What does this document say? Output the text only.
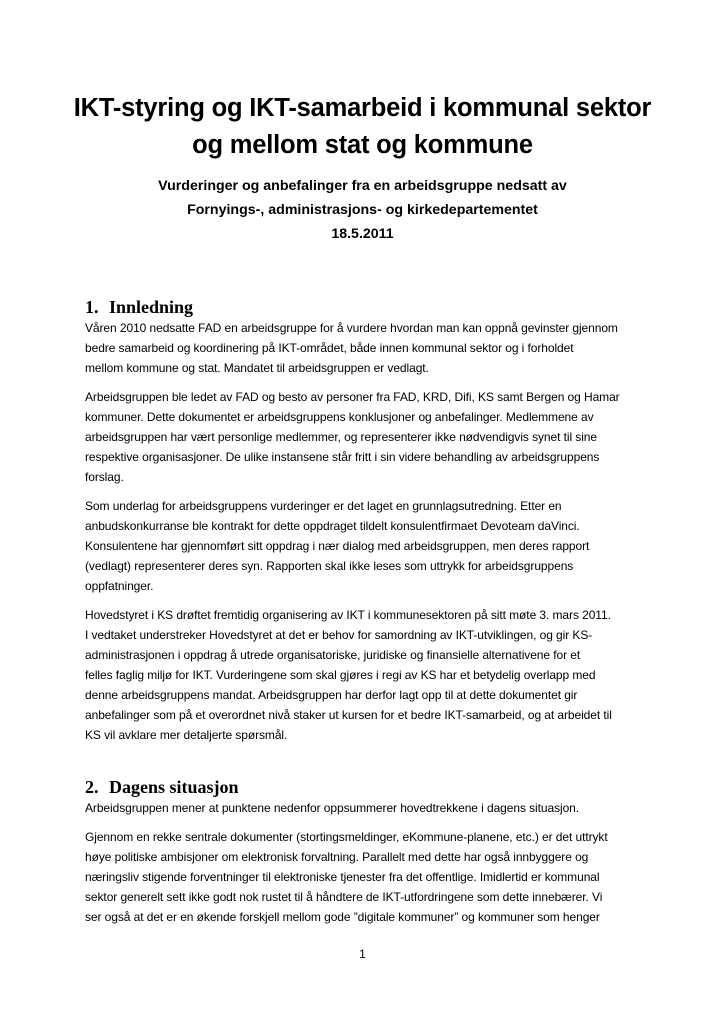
IKT-styring og IKT-samarbeid i kommunal sektor
og mellom stat og kommune
Vurderinger og anbefalinger fra en arbeidsgruppe nedsatt av
Fornyings-, administrasjons- og kirkedepartementet
18.5.2011
1. Innledning

Våren 2010 nedsatte FAD en arbeidsgruppe for å vurdere hvordan man kan oppnå gevinster gjennom
bedre samarbeid og koordinering på IKT-området, både innen kommunal sektor og i forholdet
mellom kommune og stat. Mandatet til arbeidsgruppen er vedlagt.

Arbeidsgruppen ble ledet av FAD og besto av personer fra FAD, KRD, Difi, KS samt Bergen og Hamar
kommuner. Dette dokumentet er arbeidsgruppens konklusjoner og anbefalinger. Medlemmene av
arbeidsgruppen har vært personlige medlemmer, og representerer ikke nødvendigvis synet til sine
respektive organisasjoner. De ulike instansene står fritt i sin videre behandling av arbeidsgruppens
forslag.

Som underlag for arbeidsgruppens vurderinger er det laget en grunnlagsutredning. Etter en
anbudskonkurranse ble kontrakt for dette oppdraget tildelt konsulentfirmaet Devoteam daVinci.
Konsulentene har gjennomført sitt oppdrag i nær dialog med arbeidsgruppen, men deres rapport
(vedlagt) representerer deres syn. Rapporten skal ikke leses som uttrykk for arbeidsgruppens
oppfatninger.

Hovedstyret i KS drøftet fremtidig organisering av IKT i kommunesektoren på sitt møte 3. mars 2011.
I vedtaket understreker Hovedstyret at det er behov for samordning av IKT-utviklingen, og gir KS-
administrasjonen i oppdrag å utrede organisatoriske, juridiske og finansielle alternativene for et
felles faglig miljø for IKT. Vurderingene som skal gjøres i regi av KS har et betydelig overlapp med
denne arbeidsgruppens mandat. Arbeidsgruppen har derfor lagt opp til at dette dokumentet gir
anbefalinger som på et overordnet nivå staker ut kursen for et bedre IKT-samarbeid, og at arbeidet til
KS vil avklare mer detaljerte spørsmål.

2. Dagens situasjon

Arbeidsgruppen mener at punktene nedenfor oppsummerer hovedtrekkene i dagens situasjon.

Gjennom en rekke sentrale dokumenter (stortingsmeldinger, eKommune-planene, etc.) er det uttrykt
høye politiske ambisjoner om elektronisk forvaltning. Parallelt med dette har også innbyggere og
næringsliv stigende forventninger til elektroniske tjenester fra det offentlige. Imidlertid er kommunal
sektor generelt sett ikke godt nok rustet til å håndtere de IKT-utfordringene som dette innebærer. Vi
ser også at det er en økende forskjell mellom gode ”digitale kommuner” og kommuner som henger

1
